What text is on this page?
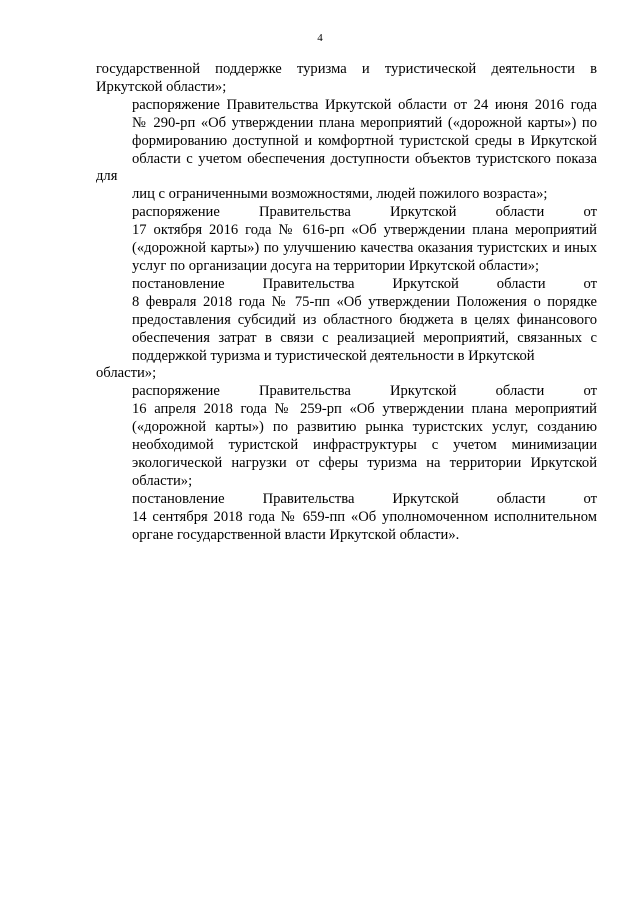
4

государственной поддержке туризма и туристической деятельности в
Иркутской области»;

распоряжение Правительства Иркутской области от 24 июня 2016 года
№ 290-рп «Об утверждении плана мероприятий («дорожной карты») по
формированию доступной и комфортной туристской среды в Иркутской
области с учетом обеспечения доступности объектов туристского показа для
лиц с ограниченными возможностями, людей пожилого возраста»;

распоряжение Правительства Иркутской области от
17 октября 2016 года № 616-рп «Об утверждении плана мероприятий
(«дорожной карты») по улучшению качества оказания туристских и иных
услуг по организации досуга на территории Иркутской области»;

постановление Правительства Иркутской области от
8 февраля 2018 года № 75-пп «Об утверждении Положения о порядке
предоставления субсидий из областного бюджета в целях финансового
обеспечения затрат в связи с реализацией мероприятий, связанных с
поддержкой туризма и туристической деятельности в Иркутской области»;

распоряжение Правительства Иркутской области от
16 апреля 2018 года № 259-рп «Об утверждении плана мероприятий
(«дорожной карты») по развитию рынка туристских услуг, созданию
необходимой туристской инфраструктуры с учетом минимизации
экологической нагрузки от сферы туризма на территории Иркутской
области»;

постановление Правительства Иркутской области от
14 сентября 2018 года № 659-пп «Об уполномоченном исполнительном
органе государственной власти Иркутской области».
